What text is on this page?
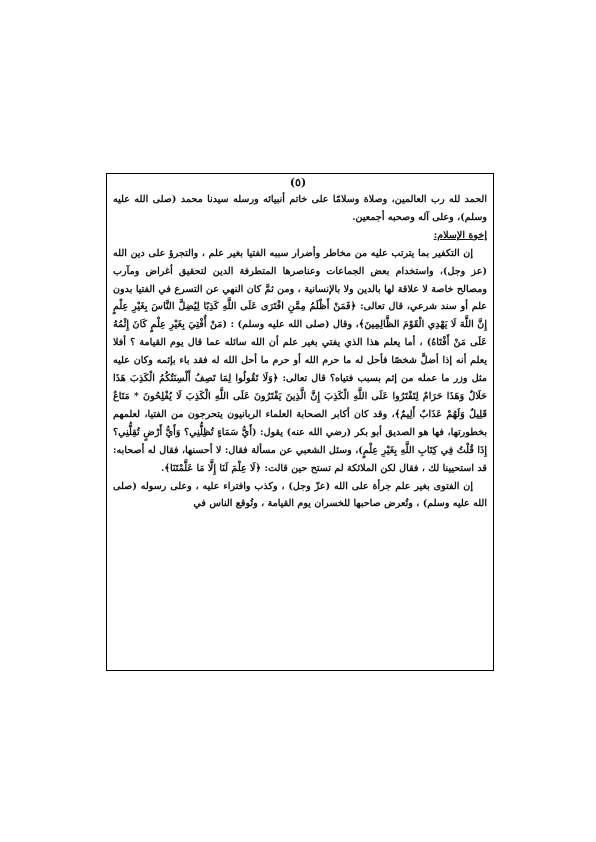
(٥)

الحمد لله رب العالمين، وصلاة وسلامًا على خاتم أنبيائه ورسله سيدنا محمد (صلى الله عليه وسلم)، وعلى آله وصحبه أجمعين.

إخوة الإسلام:

إن التكفير بما يترتب عليه من مخاطر وأضرار سببه الفتيا بغير علم ، والتجرؤ على دين الله (عز وجل)، واستخدام بعض الجماعات وعناصرها المتطرفة الدين لتحقيق أغراض ومآرب ومصالح خاصة لا علاقة لها بالدين ولا بالإنسانية ، ومن ثمَّ كان النهي عن التسرع في الفتيا بدون علم أو سند شرعي، قال تعالى: ﴿فَمَنْ أَظْلَمُ مِمَّنِ افْتَرَى عَلَى اللَّهِ كَذِبًا لِيُضِلَّ النَّاسَ بِغَيْرِ عِلْمٍ إِنَّ اللَّهَ لَا يَهْدِي الْقَوْمَ الظَّالِمِينَ﴾، وقال (صلى الله عليه وسلم) : (مَنْ أُفْتِيَ بِغَيْرِ عِلْمٍ كَانَ إِثْمُهُ عَلَى مَنْ أَفْتَاهُ) ، أما يعلم هذا الذي يفتي بغير علم أن الله سائله عما قال يوم القيامة ؟ أفلا يعلم أنه إذا أضلَّ شخصًا فأحل له ما حرم الله أو حرم ما أحل الله له فقد باء بإثمه وكان عليه مثل وزر ما عمله من إثم بسبب فتياه؟ قال تعالى: ﴿وَلَا تَقُولُوا لِمَا تَصِفُ أَلْسِنَتُكُمُ الْكَذِبَ هَذَا حَلَالٌ وَهَذَا حَرَامٌ لِتَفْتَرُوا عَلَى اللَّهِ الْكَذِبَ إِنَّ الَّذِينَ يَفْتَرُونَ عَلَى اللَّهِ الْكَذِبَ لَا يُفْلِحُونَ * مَتَاعٌ قَلِيلٌ وَلَهُمْ عَذَابٌ أَلِيمٌ﴾، وقد كان أكابر الصحابة العلماء الربانيون يتحرجون من الفتيا، لعلمهم بخطورتها، فها هو الصديق أبو بكر (رضي الله عنه) يقول: (أَيُّ سَمَاءٍ تُظِلُّنِي؟ وَأَيُّ أَرْضٍ تُقِلُّنِي؟ إِذَا قُلْتُ فِي كِتَابِ اللَّهِ بِغَيْرِ عِلْمٍ)، وسئل الشعبي عن مسألة فقال: لا أحسنها، فقال له أصحابه: قد استحيينا لك ، فقال لكن الملائكة لم تستح حين قالت: ﴿لَا عِلْمَ لَنَا إِلَّا مَا عَلَّمْتَنَا﴾.

إن الفتوى بغير علم جرأة على الله (عزّ وجل) ، وكذب وافتراء عليه ، وعلى رسوله (صلى الله عليه وسلم) ، وتُعرض صاحبها للخسران يوم القيامة ، وتُوقع الناس في
